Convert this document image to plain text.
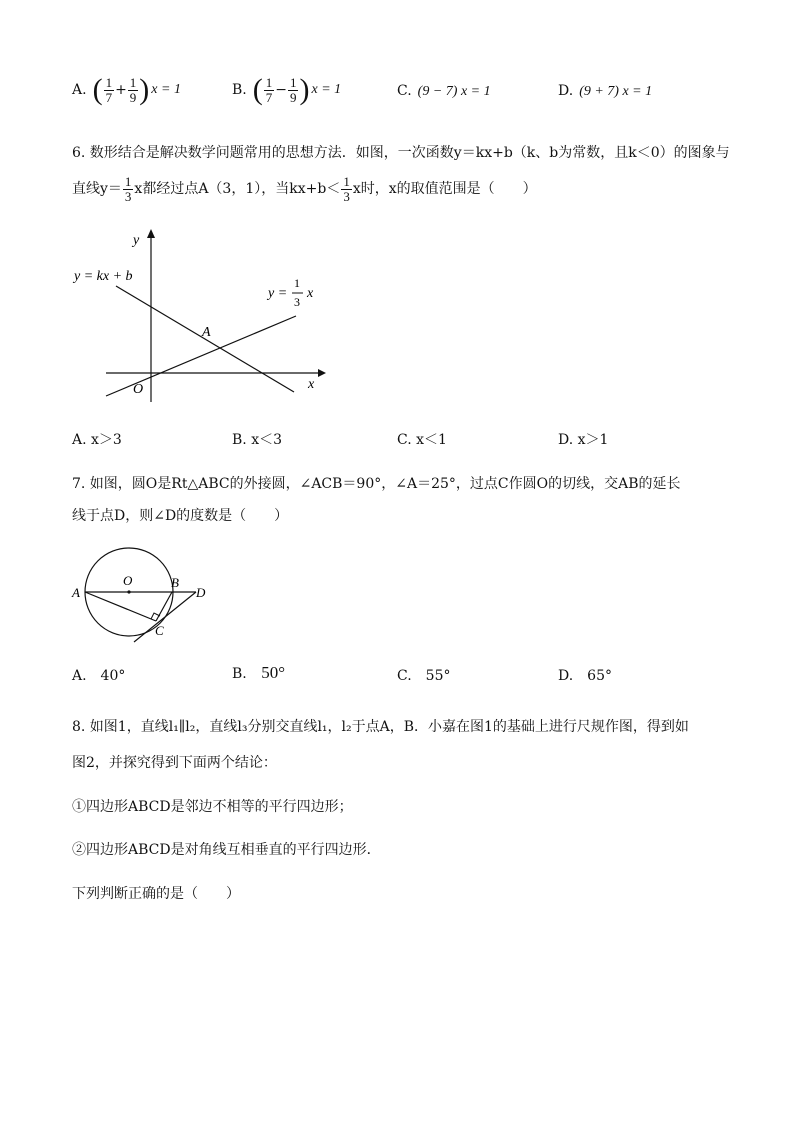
A. ( $\frac{1}{7} + \frac{1}{9}$ ) x = 1	B. ( $\frac{1}{7} - \frac{1}{9}$ ) x = 1	C. (9 − 7) x = 1	D. (9 + 7) x = 1
6. 数形结合是解决数学问题常用的思想方法．如图，一次函数y＝kx+b（k、b为常数，且k＜0）的图象与
直线$y= \frac{1}{3}$ x都经过点A（3，1），当$kx+b< \frac{1}{3}$ x时，x的取值范围是（　　）
y
x
O
A
y = kx + b
y =
1
3
x
A. x＞3	B. x＜3	C. x＜1	D. x＞1
7. 如图，圆O是Rt△ABC的外接圆，∠ACB＝90°，∠A＝25°，过点C作圆O的切线，交AB的延长
线于点D，则∠D的度数是（　　）
A
O	B
D
C
A.　40°	B. 50°	C.　55°	D.　65°
8. 如图1，直线l₁∥l₂，直线l₃分别交直线l₁，l₂于点A，B．小嘉在图1的基础上进行尺规作图，得到如
图2，并探究得到下面两个结论：
①四边形ABCD是邻边不相等的平行四边形；
②四边形ABCD是对角线互相垂直的平行四边形．
下列判断正确的是（　　）
